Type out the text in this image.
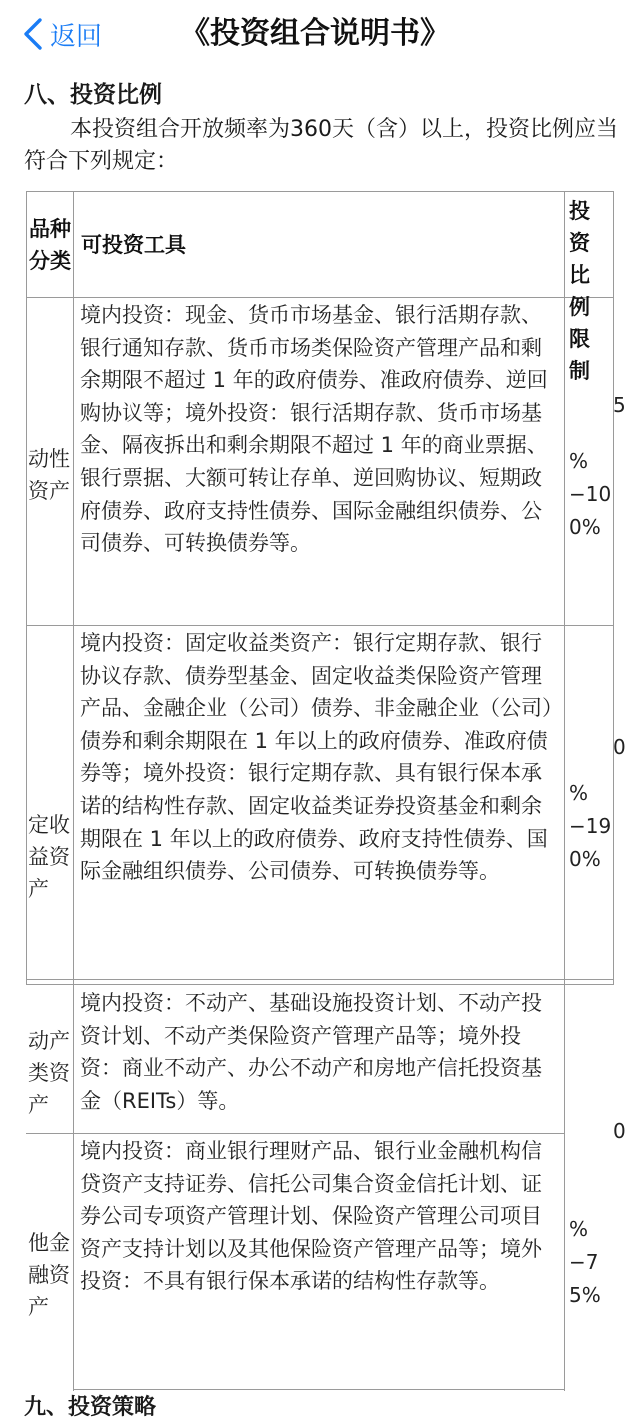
返回	《投资组合说明书》
八、投资比例

本投资组合开放频率为360天（含）以上，投资比例应当符合下列规定：

品种分类
可投资工具
投资比例限制
动性资产
境内投资：现金、货币市场基金、银行活期存款、银行通知存款、货币市场类保险资产管理产品和剩余期限不超过 1 年的政府债券、准政府债券、逆回购协议等；境外投资：银行活期存款、货币市场基金、隔夜拆出和剩余期限不超过 1 年的商业票据、银行票据、大额可转让存单、逆回购协议、短期政府债券、政府支持性债券、国际金融组织债券、公司债券、可转换债券等。
%−100%
5
定收益资产
境内投资：固定收益类资产：银行定期存款、银行协议存款、债券型基金、固定收益类保险资产管理产品、金融企业（公司）债券、非金融企业（公司）债券和剩余期限在 1 年以上的政府债券、准政府债券等；境外投资：银行定期存款、具有银行保本承诺的结构性存款、固定收益类证券投资基金和剩余期限在 1 年以上的政府债券、政府支持性债券、国际金融组织债券、公司债券、可转换债券等。
%−190%
0
动产类资产
境内投资：不动产、基础设施投资计划、不动产投资计划、不动产类保险资产管理产品等；境外投资：商业不动产、办公不动产和房地产信托投资基金（REITs）等。
他金融资产
境内投资：商业银行理财产品、银行业金融机构信贷资产支持证券、信托公司集合资金信托计划、证券公司专项资产管理计划、保险资产管理公司项目资产支持计划以及其他保险资产管理产品等；境外投资：不具有银行保本承诺的结构性存款等。
%−75%
0
九、投资策略
